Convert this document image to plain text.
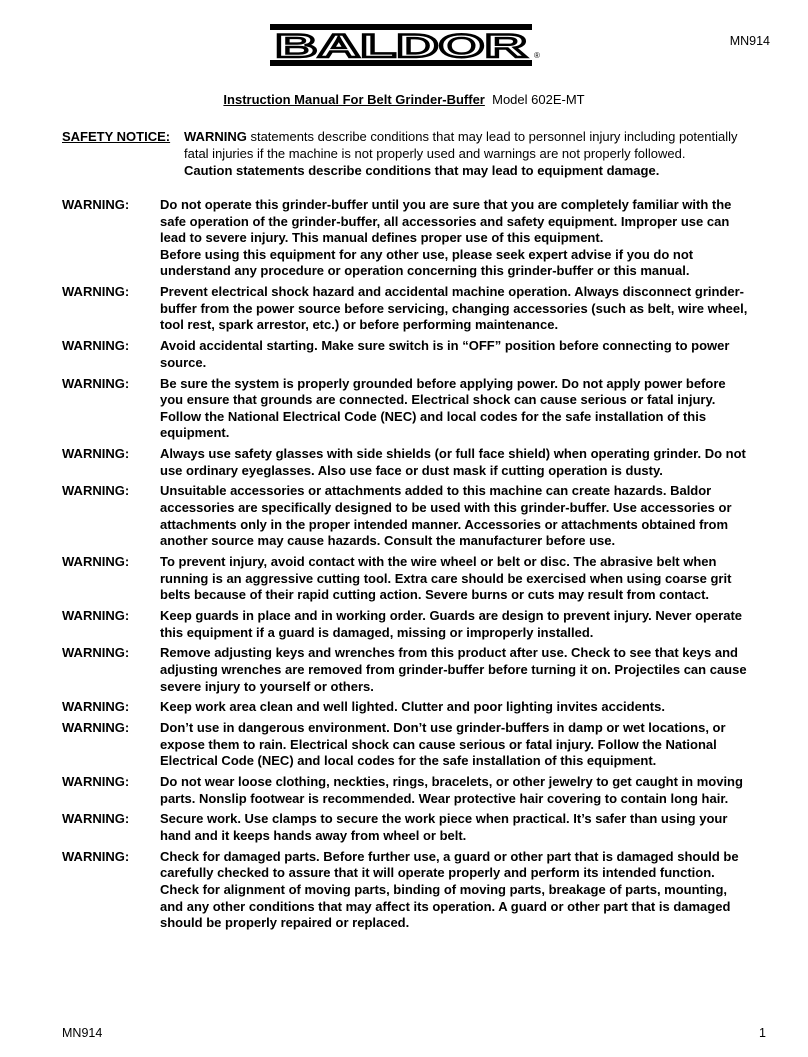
BALDOR ®
MN914
Instruction Manual For Belt Grinder-Buffer Model 602E-MT
SAFETY NOTICE: WARNING statements describe conditions that may lead to personnel injury including potentially fatal injuries if the machine is not properly used and warnings are not properly followed.
Caution statements describe conditions that may lead to equipment damage.
WARNING:	Do not operate this grinder-buffer until you are sure that you are completely familiar with the safe operation of the grinder-buffer, all accessories and safety equipment. Improper use can lead to severe injury. This manual defines proper use of this equipment.
Before using this equipment for any other use, please seek expert advise if you do not understand any procedure or operation concerning this grinder-buffer or this manual.
WARNING:	Prevent electrical shock hazard and accidental machine operation. Always disconnect grinder-buffer from the power source before servicing, changing accessories (such as belt, wire wheel, tool rest, spark arrestor, etc.) or before performing maintenance.
WARNING:	Avoid accidental starting. Make sure switch is in “OFF” position before connecting to power source.
WARNING:	Be sure the system is properly grounded before applying power. Do not apply power before you ensure that grounds are connected. Electrical shock can cause serious or fatal injury. Follow the National Electrical Code (NEC) and local codes for the safe installation of this equipment.
WARNING:	Always use safety glasses with side shields (or full face shield) when operating grinder. Do not use ordinary eyeglasses. Also use face or dust mask if cutting operation is dusty.
WARNING:	Unsuitable accessories or attachments added to this machine can create hazards. Baldor accessories are specifically designed to be used with this grinder-buffer. Use accessories or attachments only in the proper intended manner. Accessories or attachments obtained from another source may cause hazards. Consult the manufacturer before use.
WARNING:	To prevent injury, avoid contact with the wire wheel or belt or disc. The abrasive belt when running is an aggressive cutting tool. Extra care should be exercised when using coarse grit belts because of their rapid cutting action. Severe burns or cuts may result from contact.
WARNING:	Keep guards in place and in working order. Guards are design to prevent injury. Never operate this equipment if a guard is damaged, missing or improperly installed.
WARNING:	Remove adjusting keys and wrenches from this product after use. Check to see that keys and adjusting wrenches are removed from grinder-buffer before turning it on. Projectiles can cause severe injury to yourself or others.
WARNING:	Keep work area clean and well lighted. Clutter and poor lighting invites accidents.
WARNING:	Don’t use in dangerous environment. Don’t use grinder-buffers in damp or wet locations, or expose them to rain. Electrical shock can cause serious or fatal injury. Follow the National Electrical Code (NEC) and local codes for the safe installation of this equipment.
WARNING:	Do not wear loose clothing, neckties, rings, bracelets, or other jewelry to get caught in moving parts. Nonslip footwear is recommended. Wear protective hair covering to contain long hair.
WARNING:	Secure work. Use clamps to secure the work piece when practical. It’s safer than using your hand and it keeps hands away from wheel or belt.
WARNING:	Check for damaged parts. Before further use, a guard or other part that is damaged should be carefully checked to assure that it will operate properly and perform its intended function. Check for alignment of moving parts, binding of moving parts, breakage of parts, mounting, and any other conditions that may affect its operation. A guard or other part that is damaged should be properly repaired or replaced.
MN914	1
